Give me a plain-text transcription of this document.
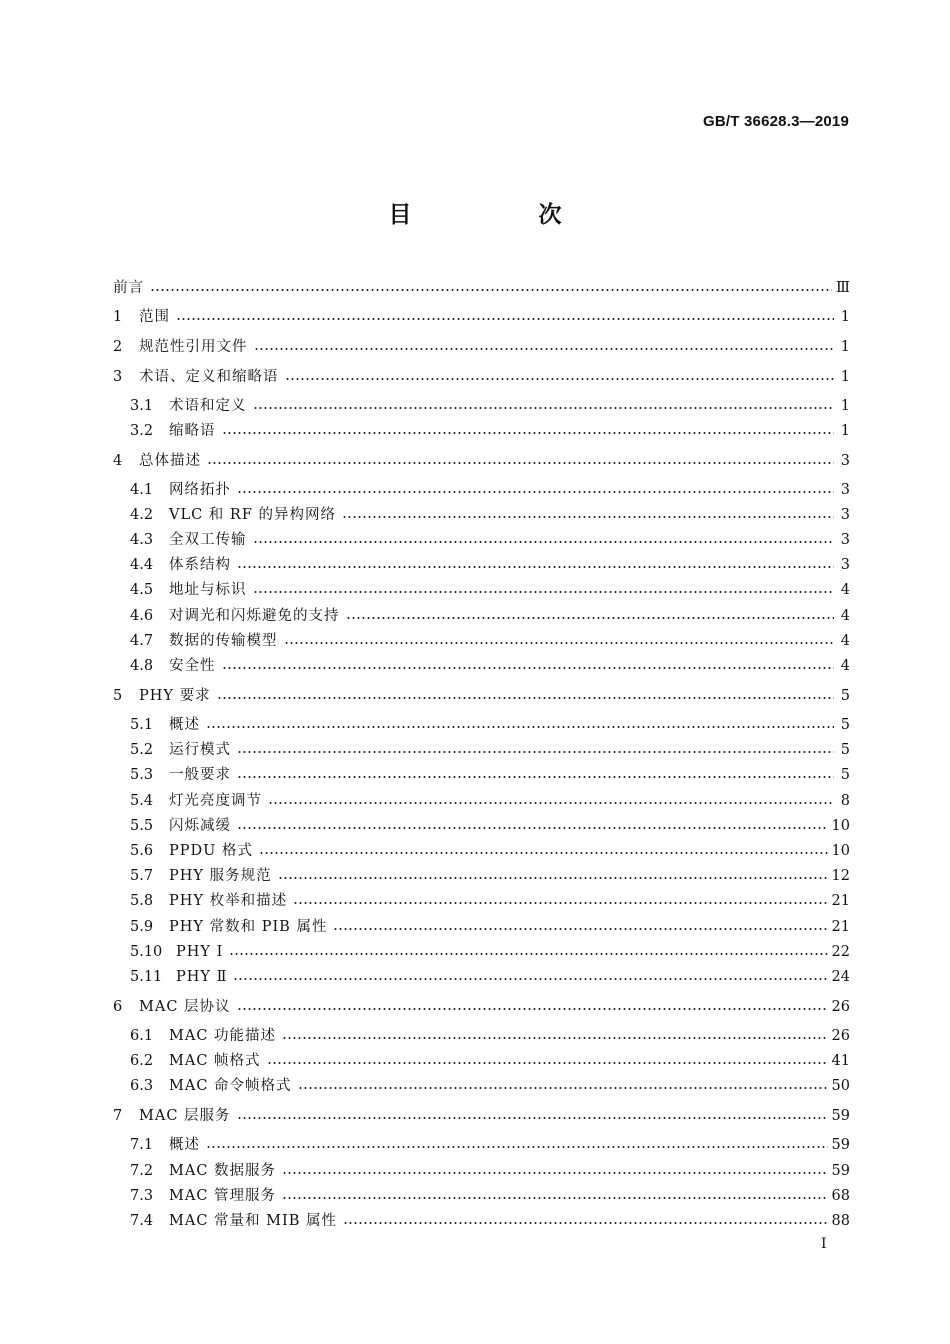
GB/T 36628.3—2019
目　次
前言	Ⅲ
1	范围	1
2	规范性引用文件	1
3	术语、定义和缩略语	1
3.1	术语和定义	1
3.2	缩略语	1
4	总体描述	3
4.1	网络拓扑	3
4.2	VLC 和 RF 的异构网络	3
4.3	全双工传输	3
4.4	体系结构	3
4.5	地址与标识	4
4.6	对调光和闪烁避免的支持	4
4.7	数据的传输模型	4
4.8	安全性	4
5	PHY 要求	5
5.1	概述	5
5.2	运行模式	5
5.3	一般要求	5
5.4	灯光亮度调节	8
5.5	闪烁减缓	10
5.6	PPDU 格式	10
5.7	PHY 服务规范	12
5.8	PHY 枚举和描述	21
5.9	PHY 常数和 PIB 属性	21
5.10 PHY Ⅰ	22
5.11 PHY Ⅱ	24
6	MAC 层协议	26
6.1	MAC 功能描述	26
6.2	MAC 帧格式	41
6.3	MAC 命令帧格式	50
7	MAC 层服务	59
7.1	概述	59
7.2	MAC 数据服务	59
7.3	MAC 管理服务	68
7.4	MAC 常量和 MIB 属性	88
Ⅰ
